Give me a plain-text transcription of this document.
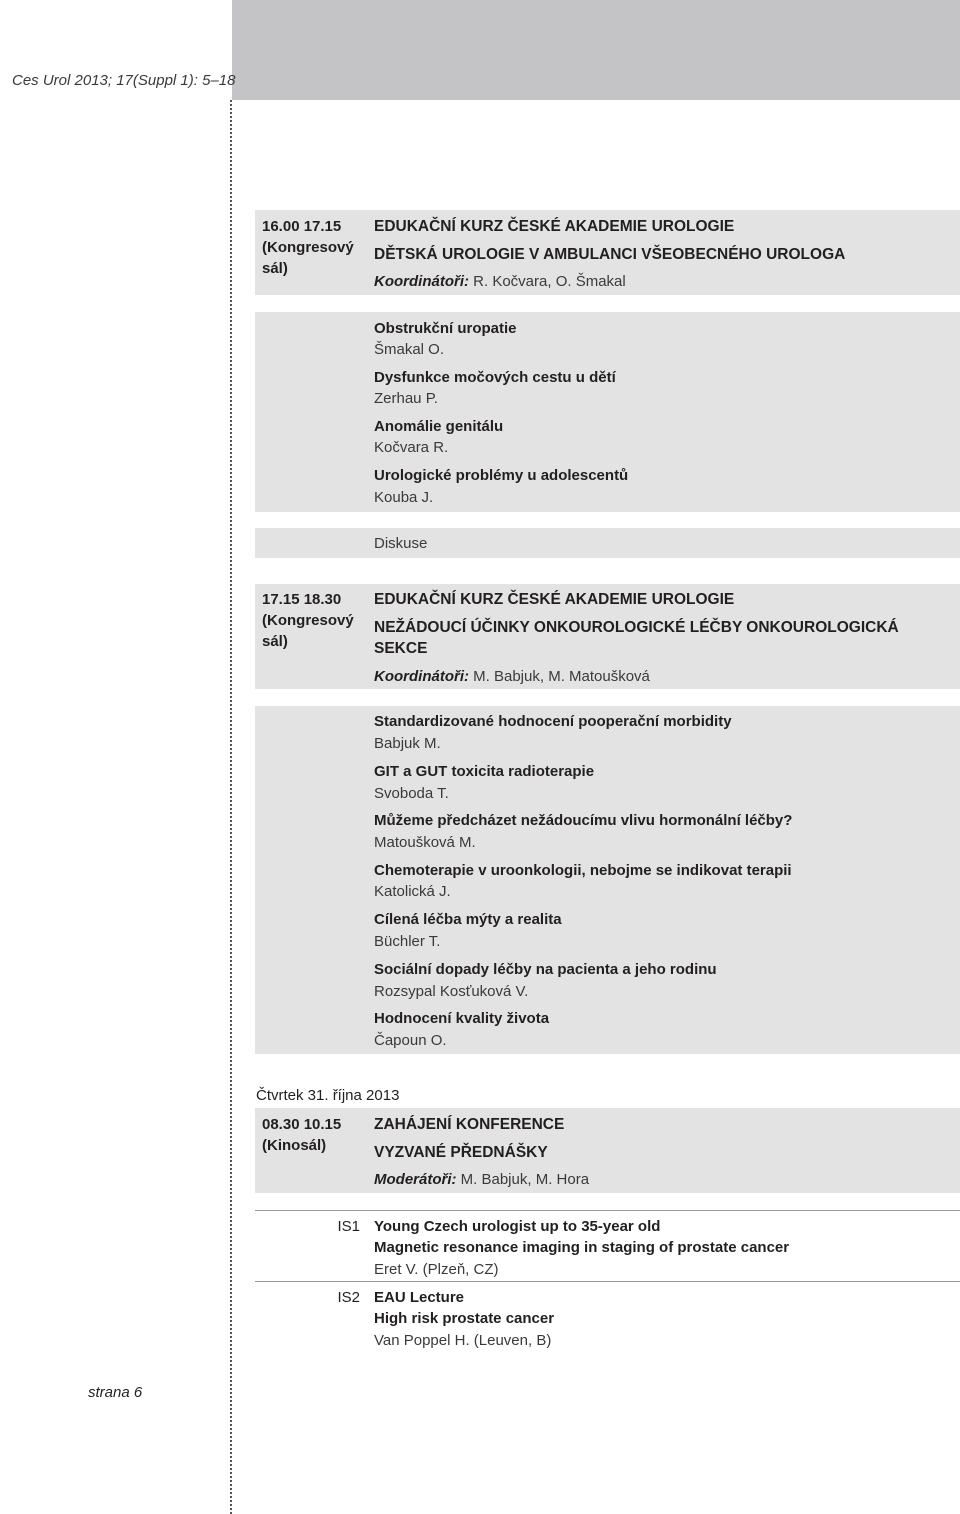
Ces Urol 2013; 17(Suppl 1): 5–18
16.00 17.15
(Kongresový
sál)
EDUKAČNÍ KURZ ČESKÉ AKADEMIE UROLOGIE
DĚTSKÁ UROLOGIE V AMBULANCI VŠEOBECNÉHO UROLOGA
Koordinátoři: R. Kočvara, O. Šmakal
Obstrukční uropatie
Šmakal O.
Dysfunkce močových cestu u dětí
Zerhau P.
Anomálie genitálu
Kočvara R.
Urologické problémy u adolescentů
Kouba J.
Diskuse
17.15 18.30
(Kongresový
sál)
EDUKAČNÍ KURZ ČESKÉ AKADEMIE UROLOGIE
NEŽÁDOUCÍ ÚČINKY ONKOUROLOGICKÉ LÉČBY ONKOUROLOGICKÁ
SEKCE
Koordinátoři: M. Babjuk, M. Matoušková
Standardizované hodnocení pooperační morbidity
Babjuk M.
GIT a GUT toxicita radioterapie
Svoboda T.
Můžeme předcházet nežádoucímu vlivu hormonální léčby?
Matoušková M.
Chemoterapie v uroonkologii, nebojme se indikovat terapii
Katolická J.
Cílená léčba mýty a realita
Büchler T.
Sociální dopady léčby na pacienta a jeho rodinu
Rozsypal Kosťuková V.
Hodnocení kvality života
Čapoun O.
Čtvrtek 31. října 2013
08.30 10.15
(Kinosál)
ZAHÁJENÍ KONFERENCE
VYZVANÉ PŘEDNÁŠKY
Moderátoři: M. Babjuk, M. Hora
IS1 Young Czech urologist up to 35-year old
Magnetic resonance imaging in staging of prostate cancer
Eret V. (Plzeň, CZ)
IS2 EAU Lecture
High risk prostate cancer
Van Poppel H. (Leuven, B)
strana 6
